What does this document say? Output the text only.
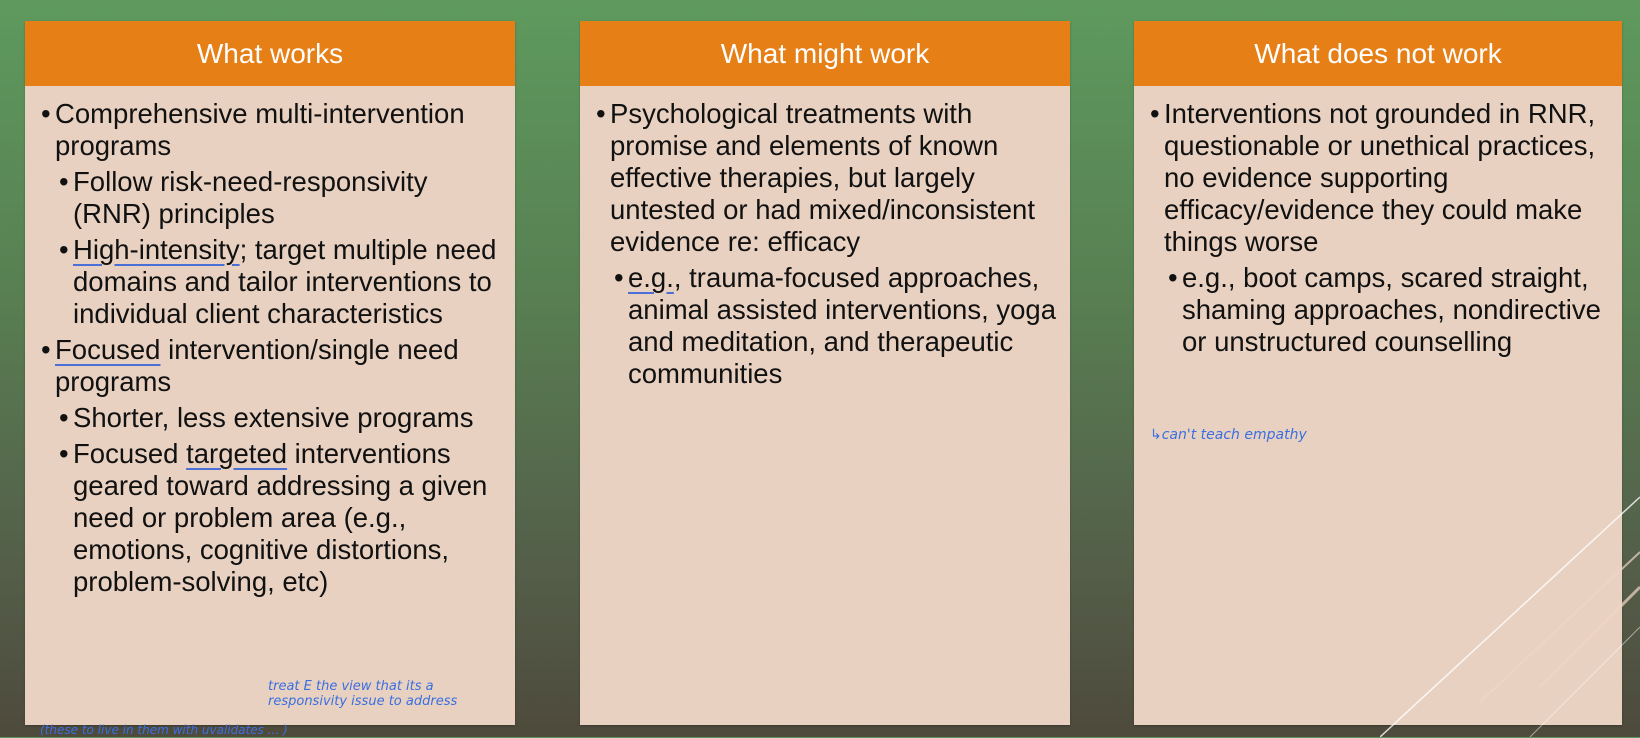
What works
• Comprehensive multi-intervention programs
• Follow risk-need-responsivity (RNR) principles
• High-intensity; target multiple need domains and tailor interventions to individual client characteristics
• Focused intervention/single need programs
• Shorter, less extensive programs
• Focused targeted interventions geared toward addressing a given need or problem area (e.g., emotions, cognitive distortions, problem-solving, etc)
treat E the view that its a
responsivity issue to address
What might work
• Psychological treatments with promise and elements of known effective therapies, but largely untested or had mixed/inconsistent evidence re: efficacy
• e.g., trauma-focused approaches, animal assisted interventions, yoga and meditation, and therapeutic communities
What does not work
• Interventions not grounded in RNR, questionable or unethical practices, no evidence supporting efficacy/evidence they could make things worse
• e.g., boot camps, scared straight, shaming approaches, nondirective or unstructured counselling
↳can't teach empathy
(these to live in them with uvalidates ... )
